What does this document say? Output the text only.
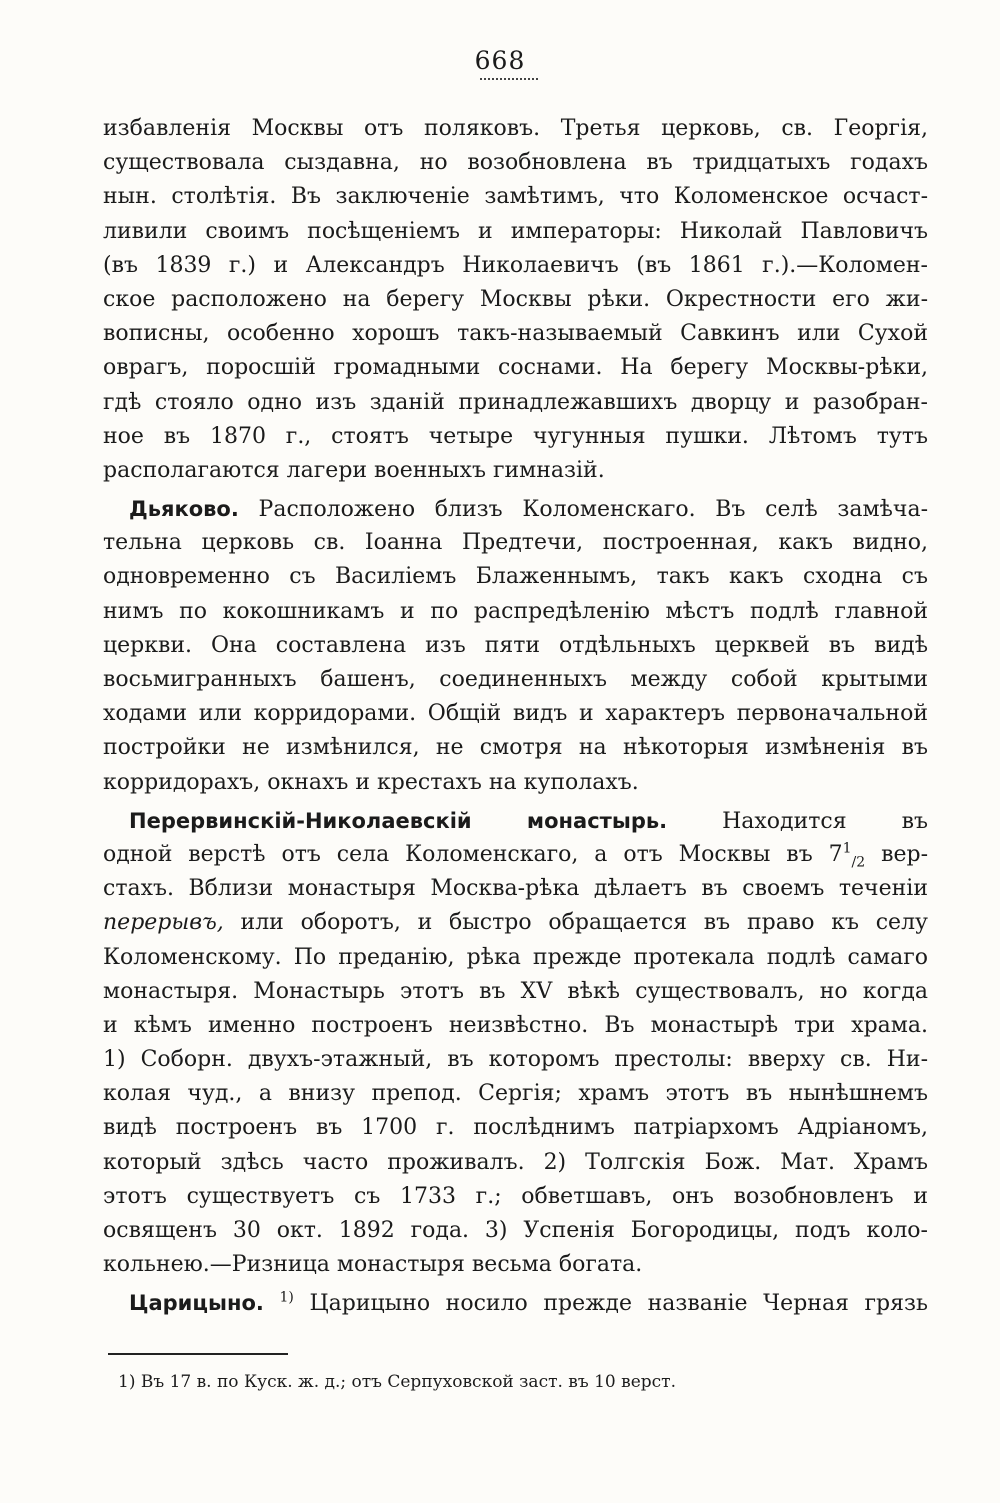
668
избавленія Москвы отъ поляковъ. Третья церковь, св. Георгія,
существовала сыздавна, но возобновлена въ тридцатыхъ годахъ
нын. столѣтія. Въ заключеніе замѣтимъ, что Коломенское осчаст-
ливили своимъ посѣщеніемъ и императоры: Николай Павловичъ
(въ 1839 г.) и Александръ Николаевичъ (въ 1861 г.).—Коломен-
ское расположено на берегу Москвы рѣки. Окрестности его жи-
вописны, особенно хорошъ такъ-называемый Савкинъ или Сухой
оврагъ, поросшій громадными соснами. На берегу Москвы-рѣки,
гдѣ стояло одно изъ зданій принадлежавшихъ дворцу и разобран-
ное въ 1870 г., стоятъ четыре чугунныя пушки. Лѣтомъ тутъ
располагаются лагери военныхъ гимназій.
Дьяково. Расположено близъ Коломенскаго. Въ селѣ замѣча-
тельна церковь св. Іоанна Предтечи, построенная, какъ видно,
одновременно съ Василіемъ Блаженнымъ, такъ какъ сходна съ
нимъ по кокошникамъ и по распредѣленію мѣстъ подлѣ главной
церкви. Она составлена изъ пяти отдѣльныхъ церквей въ видѣ
восьмигранныхъ башенъ, соединенныхъ между собой крытыми
ходами или корридорами. Общій видъ и характеръ первоначальной
постройки не измѣнился, не смотря на нѣкоторыя измѣненія въ
корридорахъ, окнахъ и крестахъ на куполахъ.
Перервинскій-Николаевскій монастырь. Находится въ
одной верстѣ отъ села Коломенскаго, а отъ Москвы въ $7^1_{/2}$ вер-
стахъ. Вблизи монастыря Москва-рѣка дѣлаетъ въ своемъ теченіи
перерывъ, или оборотъ, и быстро обращается въ право къ селу
Коломенскому. По преданію, рѣка прежде протекала подлѣ самаго
монастыря. Монастырь этотъ въ XV вѣкѣ существовалъ, но когда
и кѣмъ именно построенъ неизвѣстно. Въ монастырѣ три храма.
1) Соборн. двухъ-этажный, въ которомъ престолы: вверху св. Ни-
колая чуд., а внизу препод. Сергія; храмъ этотъ въ нынѣшнемъ
видѣ построенъ въ 1700 г. послѣднимъ патріархомъ Адріаномъ,
который здѣсь часто проживалъ. 2) Толгскія Бож. Мат. Храмъ
этотъ существуетъ съ 1733 г.; обветшавъ, онъ возобновленъ и
освященъ 30 окт. 1892 года. 3) Успенія Богородицы, подъ коло-
кольнею.—Ризница монастыря весьма богата.
Царицыно. $^{1)}$ Царицыно носило прежде названіе Черная грязь
1) Въ 17 в. по Куск. ж. д.; отъ Серпуховской заст. въ 10 верст.
